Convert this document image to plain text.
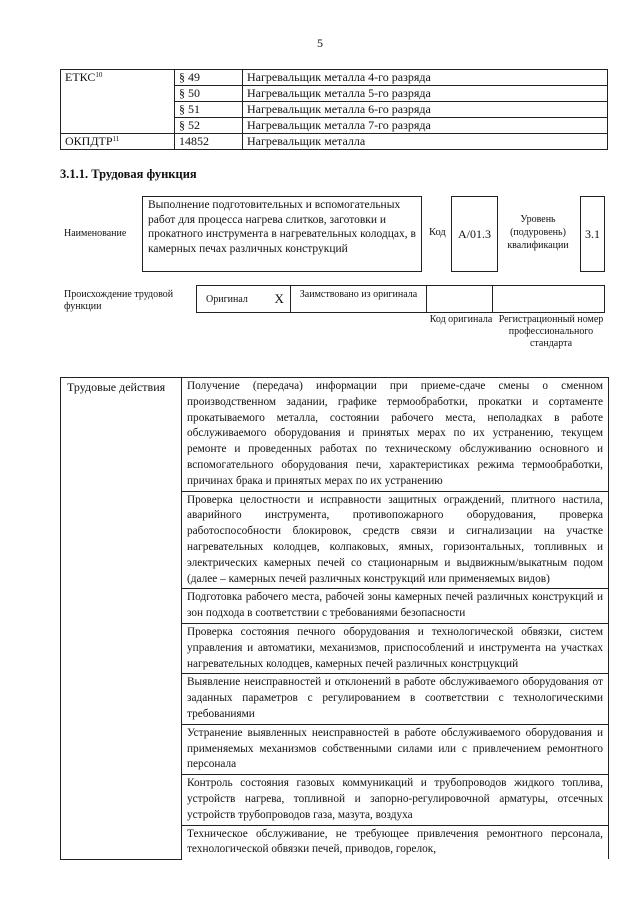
5
ЕТКС$^{10}$	§ 49	Нагревальщик металла 4-го разряда
	§ 50	Нагревальщик металла 5-го разряда
	§ 51	Нагревальщик металла 6-го разряда
	§ 52	Нагревальщик металла 7-го разряда
ОКПДТР$^{11}$	14852	Нагревальщик металла
3.1.1. Трудовая функция
Наименование
Выполнение подготовительных и вспомогательных работ для процесса нагрева слитков, заготовки и прокатного инструмента в нагревательных колодцах, в камерных печах различных конструкций
Код	А/01.3
Уровень (подуровень) квалификации
3.1
Происхождение трудовой функции
Оригинал	X	Заимствовано из оригинала		
Код оригинала Регистрационный номер профессионального стандарта
Трудовые действия	Получение (передача) информации при приеме-сдаче смены о сменном производственном задании, графике термообработки, прокатки и сортаменте прокатываемого металла, состоянии рабочего места, неполадках в работе обслуживаемого оборудования и принятых мерах по их устранению, текущем ремонте и проведенных работах по техническому обслуживанию основного и вспомогательного оборудования печи, характеристиках режима термообработки, причинах брака и принятых мерах по их устранению
Проверка целостности и исправности защитных ограждений, плитного настила, аварийного инструмента, противопожарного оборудования, проверка работоспособности блокировок, средств связи и сигнализации на участке нагревательных колодцев, колпаковых, ямных, горизонтальных, топливных и электрических камерных печей со стационарным и выдвижным/выкатным подом (далее – камерных печей различных конструкций или применяемых видов)
Подготовка рабочего места, рабочей зоны камерных печей различных конструкций и зон подхода в соответствии с требованиями безопасности
Проверка состояния печного оборудования и технологической обвязки, систем управления и автоматики, механизмов, приспособлений и инструмента на участках нагревательных колодцев, камерных печей различных констрцукций
Выявление неисправностей и отклонений в работе обслуживаемого оборудования от заданных параметров с регулированием в соответствии с технологическими требованиями
Устранение выявленных неисправностей в работе обслуживаемого оборудования и применяемых механизмов собственными силами или с привлечением ремонтного персонала
Контроль состояния газовых коммуникаций и трубопроводов жидкого топлива, устройств нагрева, топливной и запорно-регулировочной арматуры, отсечных устройств трубопроводов газа, мазута, воздуха
Техническое обслуживание, не требующее привлечения ремонтного персонала, технологической обвязки печей, приводов, горелок,
